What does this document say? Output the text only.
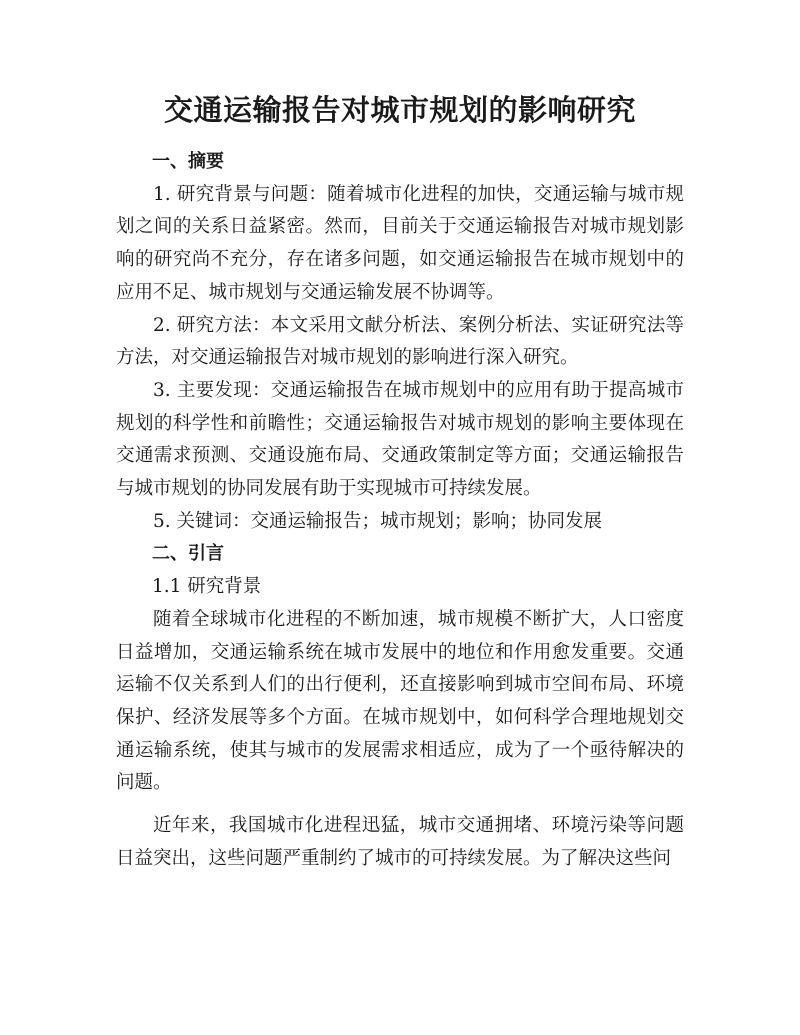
交通运输报告对城市规划的影响研究
一、摘要

1. 研究背景与问题：随着城市化进程的加快，交通运输与城市规划之间的关系日益紧密。然而，目前关于交通运输报告对城市规划影响的研究尚不充分，存在诸多问题，如交通运输报告在城市规划中的应用不足、城市规划与交通运输发展不协调等。

2. 研究方法：本文采用文献分析法、案例分析法、实证研究法等方法，对交通运输报告对城市规划的影响进行深入研究。

3. 主要发现：交通运输报告在城市规划中的应用有助于提高城市规划的科学性和前瞻性；交通运输报告对城市规划的影响主要体现在交通需求预测、交通设施布局、交通政策制定等方面；交通运输报告与城市规划的协同发展有助于实现城市可持续发展。

5. 关键词：交通运输报告；城市规划；影响；协同发展

二、引言
1.1 研究背景

随着全球城市化进程的不断加速，城市规模不断扩大，人口密度日益增加，交通运输系统在城市发展中的地位和作用愈发重要。交通运输不仅关系到人们的出行便利，还直接影响到城市空间布局、环境保护、经济发展等多个方面。在城市规划中，如何科学合理地规划交通运输系统，使其与城市的发展需求相适应，成为了一个亟待解决的问题。

近年来，我国城市化进程迅猛，城市交通拥堵、环境污染等问题日益突出，这些问题严重制约了城市的可持续发展。为了解决这些问
